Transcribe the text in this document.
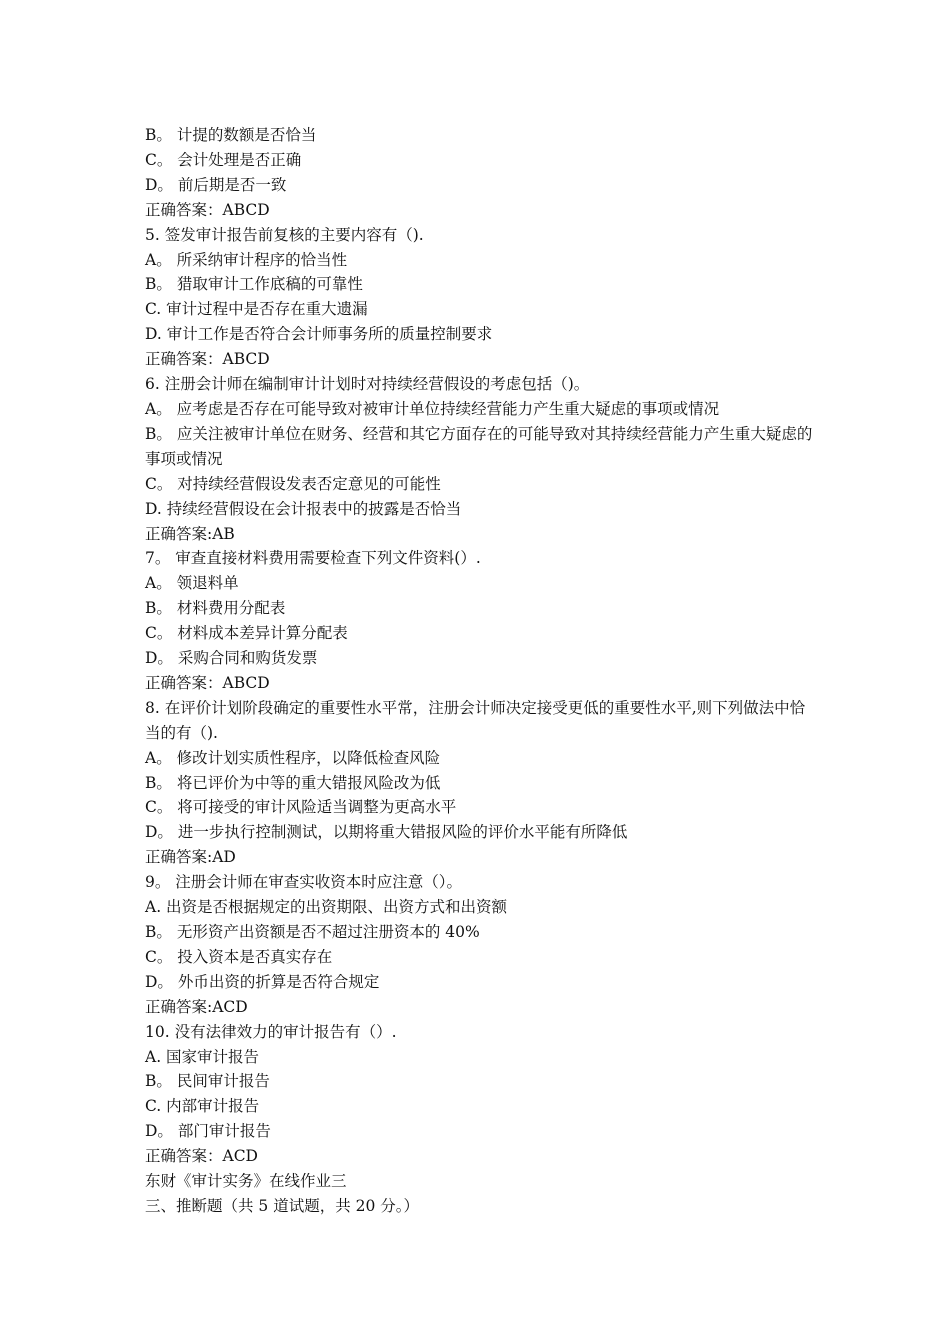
B。 计提的数额是否恰当

C。 会计处理是否正确

D。 前后期是否一致

正确答案：ABCD

5. 签发审计报告前复核的主要内容有（).

A。 所采纳审计程序的恰当性

B。 猎取审计工作底稿的可靠性

C. 审计过程中是否存在重大遗漏

D. 审计工作是否符合会计师事务所的质量控制要求

正确答案：ABCD

6. 注册会计师在编制审计计划时对持续经营假设的考虑包括（)。

A。 应考虑是否存在可能导致对被审计单位持续经营能力产生重大疑虑的事项或情况

B。 应关注被审计单位在财务、经营和其它方面存在的可能导致对其持续经营能力产生重大疑虑的事项或情况

C。 对持续经营假设发表否定意见的可能性

D. 持续经营假设在会计报表中的披露是否恰当

正确答案:AB

7。 审查直接材料费用需要检查下列文件资料(）.

A。 领退料单

B。 材料费用分配表

C。 材料成本差异计算分配表

D。 采购合同和购货发票

正确答案：ABCD

8. 在评价计划阶段确定的重要性水平常，注册会计师决定接受更低的重要性水平,则下列做法中恰当的有（).

A。 修改计划实质性程序，以降低检查风险

B。 将已评价为中等的重大错报风险改为低

C。 将可接受的审计风险适当调整为更高水平

D。 进一步执行控制测试，以期将重大错报风险的评价水平能有所降低

正确答案:AD

9。 注册会计师在审查实收资本时应注意（）。

A. 出资是否根据规定的出资期限、出资方式和出资额

B。 无形资产出资额是否不超过注册资本的 40%

C。 投入资本是否真实存在

D。 外币出资的折算是否符合规定

正确答案:ACD

10. 没有法律效力的审计报告有（）.

A. 国家审计报告

B。 民间审计报告

C. 内部审计报告

D。 部门审计报告

正确答案：ACD

东财《审计实务》在线作业三

三、推断题（共 5 道试题，共 20 分。）
